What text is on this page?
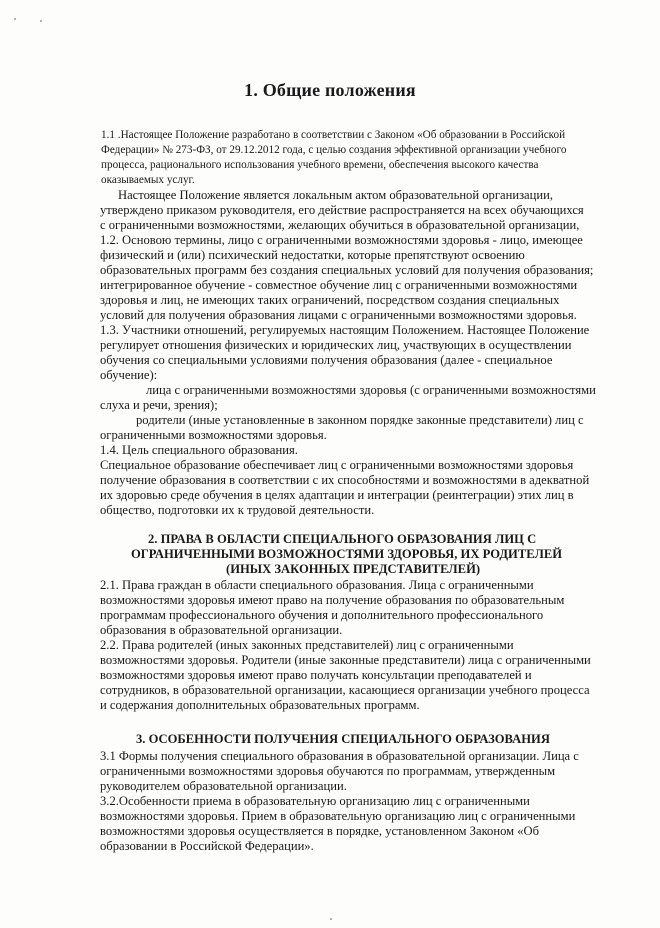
1. Общие положения
1.1 .Настоящее Положение разработано в соответствии с Законом «Об образовании в Российской
Федерации» № 273-ФЗ, от 29.12.2012 года, с целью создания эффективной организации учебного
процесса, рационального использования учебного времени, обеспечения высокого качества
оказываемых услуг.
Настоящее Положение является локальным актом образовательной организации,
утверждено приказом руководителя, его действие распространяется на всех обучающихся
с ограниченными возможностями, желающих обучиться в образовательной организации,
1.2. Основою термины, лицо с ограниченными возможностями здоровья - лицо, имеющее
физический и (или) психический недостатки, которые препятствуют освоению
образовательных программ без создания специальных условий для получения образования;
интегрированное обучение - совместное обучение лиц с ограниченными возможностями
здоровья и лиц, не имеющих таких ограничений, посредством создания специальных
условий для получения образования лицами с ограниченными возможностями здоровья.
1.3. Участники отношений, регулируемых настоящим Положением. Настоящее Положение
регулирует отношения физических и юридических лиц, участвующих в осуществлении
обучения со специальными условиями получения образования (далее - специальное
обучение):
лица с ограниченными возможностями здоровья (с ограниченными возможностями
слуха и речи, зрения);
родители (иные установленные в законном порядке законные представители) лиц с
ограниченными возможностями здоровья.
1.4. Цель специального образования.
Специальное образование обеспечивает лиц с ограниченными возможностями здоровья
получение образования в соответствии с их способностями и возможностями в адекватной
их здоровью среде обучения в целях адаптации и интеграции (реинтеграции) этих лиц в
общество, подготовки их к трудовой деятельности.
2. ПРАВА В ОБЛАСТИ СПЕЦИАЛЬНОГО ОБРАЗОВАНИЯ ЛИЦ С
ОГРАНИЧЕННЫМИ ВОЗМОЖНОСТЯМИ ЗДОРОВЬЯ, ИХ РОДИТЕЛЕЙ
(ИНЫХ ЗАКОННЫХ ПРЕДСТАВИТЕЛЕЙ)
2.1. Права граждан в области специального образования. Лица с ограниченными
возможностями здоровья имеют право на получение образования по образовательным
программам профессионального обучения и дополнительного профессионального
образования в образовательной организации.
2.2. Права родителей (иных законных представителей) лиц с ограниченными
возможностями здоровья. Родители (иные законные представители) лица с ограниченными
возможностями здоровья имеют право получать консультации преподавателей и
сотрудников, в образовательной организации, касающиеся организации учебного процесса
и содержания дополнительных образовательных программ.
3. ОСОБЕННОСТИ ПОЛУЧЕНИЯ СПЕЦИАЛЬНОГО ОБРАЗОВАНИЯ
3.1 Формы получения специального образования в образовательной организации. Лица с
ограниченными возможностями здоровья обучаются по программам, утвержденным
руководителем образовательной организации.
3.2.Особенности приема в образовательную организацию лиц с ограниченными
возможностями здоровья. Прием в образовательную организацию лиц с ограниченными
возможностями здоровья осуществляется в порядке, установленном Законом «Об
образовании в Российской Федерации».
